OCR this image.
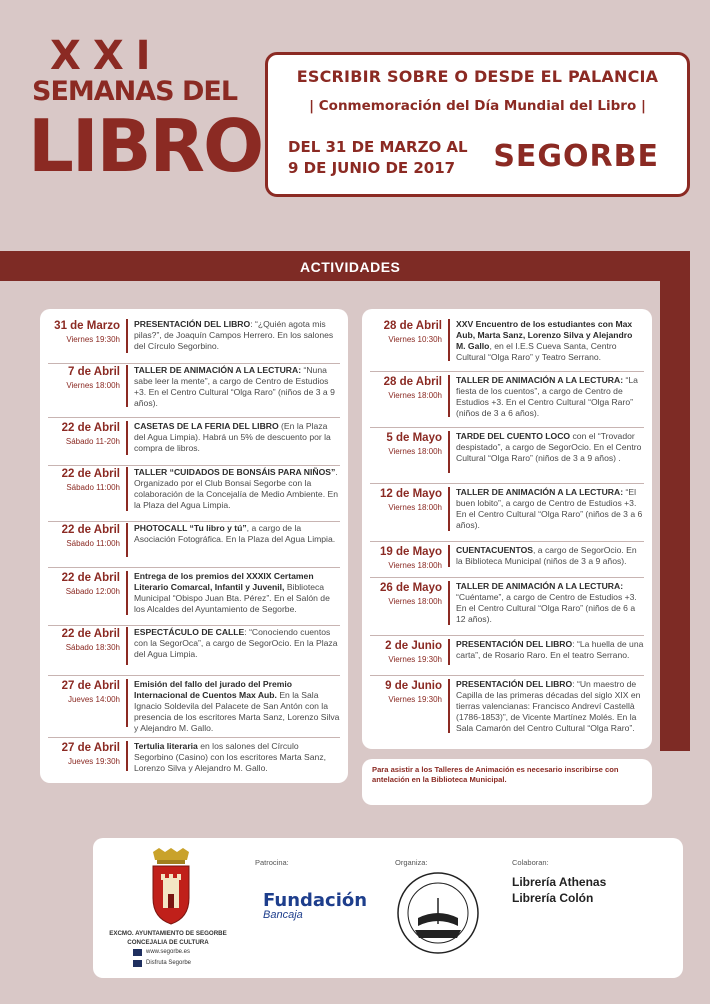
XXI
SEMANAS DEL
LIBRO
ESCRIBIR SOBRE O DESDE EL PALANCIA
| Conmemoración del Día Mundial del Libro |
DEL 31 DE MARZO AL
9 DE JUNIO DE 2017	SEGORBE
ACTIVIDADES
31 de Marzo
Viernes 19:30h
PRESENTACIÓN DEL LIBRO: “¿Quién agota mis pilas?”, de Joaquín Campos Herrero. En los salones del Círculo Segorbino.
7 de Abril
Viernes 18:00h
TALLER DE ANIMACIÓN A LA LECTURA: “Nuna sabe leer la mente”, a cargo de Centro de Estudios +3. En el Centro Cultural “Olga Raro” (niños de 3 a 9 años).
22 de Abril
Sábado 11-20h
CASETAS DE LA FERIA DEL LIBRO (En la Plaza del Agua Limpia). Habrá un 5% de descuento por la compra de libros.
22 de Abril
Sábado 11:00h
TALLER “CUIDADOS DE BONSÁIS PARA NIÑOS”. Organizado por el Club Bonsai Segorbe con la colaboración de la Concejalía de Medio Ambiente. En la Plaza del Agua Limpia.
22 de Abril
Sábado 11:00h
PHOTOCALL “Tu libro y tú”, a cargo de la Asociación Fotográfica. En la Plaza del Agua Limpia.
22 de Abril
Sábado 12:00h
Entrega de los premios del XXXIX Certamen Literario Comarcal, Infantil y Juvenil, Biblioteca Municipal “Obispo Juan Bta. Pérez”. En el Salón de los Alcaldes del Ayuntamiento de Segorbe.
22 de Abril
Sábado 18:30h
ESPECTÁCULO DE CALLE: “Conociendo cuentos con la SegorOca”, a cargo de SegorOcio. En la Plaza del Agua Limpia.
27 de Abril
Jueves 14:00h
Emisión del fallo del jurado del Premio Internacional de Cuentos Max Aub. En la Sala Ignacio Soldevila del Palacete de San Antón con la presencia de los escritores Marta Sanz, Lorenzo Silva y Alejandro M. Gallo.
27 de Abril
Jueves 19:30h
Tertulia literaria en los salones del Círculo Segorbino (Casino) con los escritores Marta Sanz, Lorenzo Silva y Alejandro M. Gallo.
28 de Abril
Viernes 10:30h
XXV Encuentro de los estudiantes con Max Aub, Marta Sanz, Lorenzo Silva y Alejandro M. Gallo, en el I.E.S Cueva Santa, Centro Cultural “Olga Raro” y Teatro Serrano.
28 de Abril
Viernes 18:00h
TALLER DE ANIMACIÓN A LA LECTURA: “La fiesta de los cuentos”, a cargo de Centro de Estudios +3. En el Centro Cultural “Olga Raro” (niños de 3 a 6 años).
5 de Mayo
Viernes 18:00h
TARDE DEL CUENTO LOCO con el “Trovador despistado”, a cargo de SegorOcio. En el Centro Cultural “Olga Raro” (niños de 3 a 9 años) .
12 de Mayo
Viernes 18:00h
TALLER DE ANIMACIÓN A LA LECTURA: “El buen lobito”, a cargo de Centro de Estudios +3. En el Centro Cultural “Olga Raro” (niños de 3 a 6 años).
19 de Mayo
Viernes 18:00h
CUENTACUENTOS, a cargo de SegorOcio. En la Biblioteca Municipal (niños de 3 a 9 años).
26 de Mayo
Viernes 18:00h
TALLER DE ANIMACIÓN A LA LECTURA: “Cuéntame”, a cargo de Centro de Estudios +3. En el Centro Cultural “Olga Raro” (niños de 6 a 12 años).
2 de Junio
Viernes 19:30h
PRESENTACIÓN DEL LIBRO: “La huella de una carta”, de Rosario Raro. En el teatro Serrano.
9 de Junio
Viernes 19:30h
PRESENTACIÓN DEL LIBRO: “Un maestro de Capilla de las primeras décadas del siglo XIX en tierras valencianas: Francisco Andreví Castellà (1786-1853)”, de Vicente Martínez Molés. En la Sala Camarón del Centro Cultural “Olga Raro”.
Para asistir a los Talleres de Animación es necesario inscribirse con antelación en la Biblioteca Municipal.
EXCMO. AYUNTAMIENTO DE SEGORBE
CONCEJALIA DE CULTURA
www.segorbe.es
Disfruta Segorbe
Patrocina:
Fundación
Bancaja
Organiza:	Colaboran:
Librería Athenas
Librería Colón
